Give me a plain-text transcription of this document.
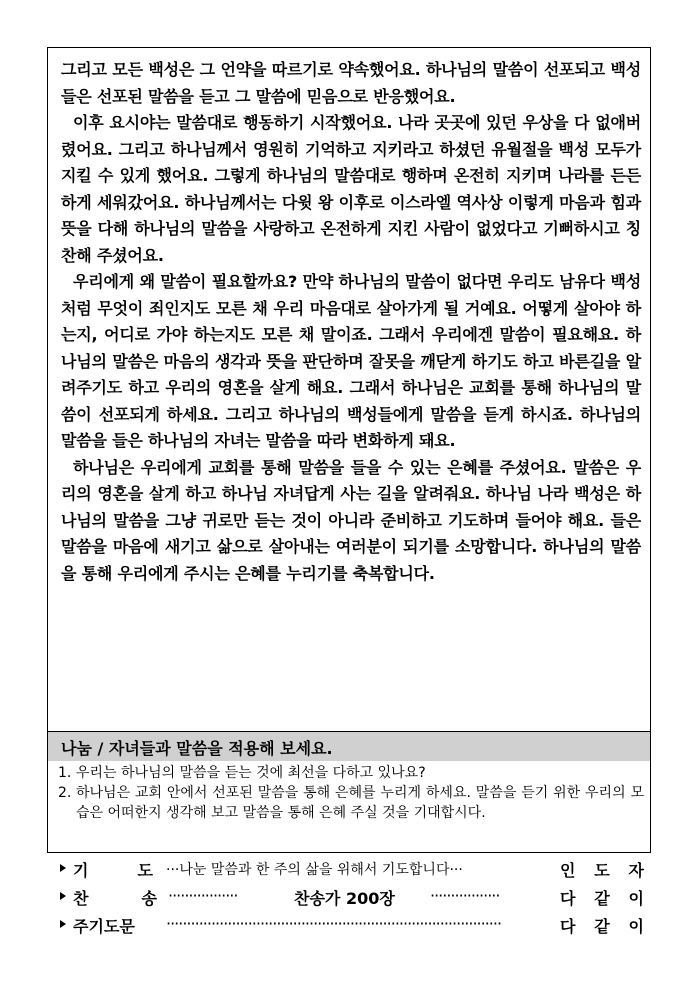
그리고 모든 백성은 그 언약을 따르기로 약속했어요. 하나님의 말씀이 선포되고 백성들은 선포된 말씀을 듣고 그 말씀에 믿음으로 반응했어요.

이후 요시야는 말씀대로 행동하기 시작했어요. 나라 곳곳에 있던 우상을 다 없애버렸어요. 그리고 하나님께서 영원히 기억하고 지키라고 하셨던 유월절을 백성 모두가 지킬 수 있게 했어요. 그렇게 하나님의 말씀대로 행하며 온전히 지키며 나라를 든든하게 세워갔어요. 하나님께서는 다윗 왕 이후로 이스라엘 역사상 이렇게 마음과 힘과 뜻을 다해 하나님의 말씀을 사랑하고 온전하게 지킨 사람이 없었다고 기뻐하시고 칭찬해 주셨어요.

우리에게 왜 말씀이 필요할까요? 만약 하나님의 말씀이 없다면 우리도 남유다 백성처럼 무엇이 죄인지도 모른 채 우리 마음대로 살아가게 될 거예요. 어떻게 살아야 하는지, 어디로 가야 하는지도 모른 채 말이죠. 그래서 우리에겐 말씀이 필요해요. 하나님의 말씀은 마음의 생각과 뜻을 판단하며 잘못을 깨닫게 하기도 하고 바른길을 알려주기도 하고 우리의 영혼을 살게 해요. 그래서 하나님은 교회를 통해 하나님의 말씀이 선포되게 하세요. 그리고 하나님의 백성들에게 말씀을 듣게 하시죠. 하나님의 말씀을 들은 하나님의 자녀는 말씀을 따라 변화하게 돼요.

하나님은 우리에게 교회를 통해 말씀을 들을 수 있는 은혜를 주셨어요. 말씀은 우리의 영혼을 살게 하고 하나님 자녀답게 사는 길을 알려줘요. 하나님 나라 백성은 하나님의 말씀을 그냥 귀로만 듣는 것이 아니라 준비하고 기도하며 들어야 해요. 들은 말씀을 마음에 새기고 삶으로 살아내는 여러분이 되기를 소망합니다. 하나님의 말씀을 통해 우리에게 주시는 은혜를 누리기를 축복합니다.

나눔 / 자녀들과 말씀을 적용해 보세요.
1. 우리는 하나님의 말씀을 듣는 것에 최선을 다하고 있나요?
2. 하나님은 교회 안에서 선포된 말씀을 통해 은혜를 누리게 하세요. 말씀을 듣기 위한 우리의 모습은 어떠한지 생각해 보고 말씀을 통해 은혜 주실 것을 기대합시다.
기	도 ···나눈 말씀과 한 주의 삶을 위해서 기도합니다···	인 도 자
찬	송 ·················	찬송가 200장 ·················	다 같 이
주 기 도 문 ··················································································	다 같 이
